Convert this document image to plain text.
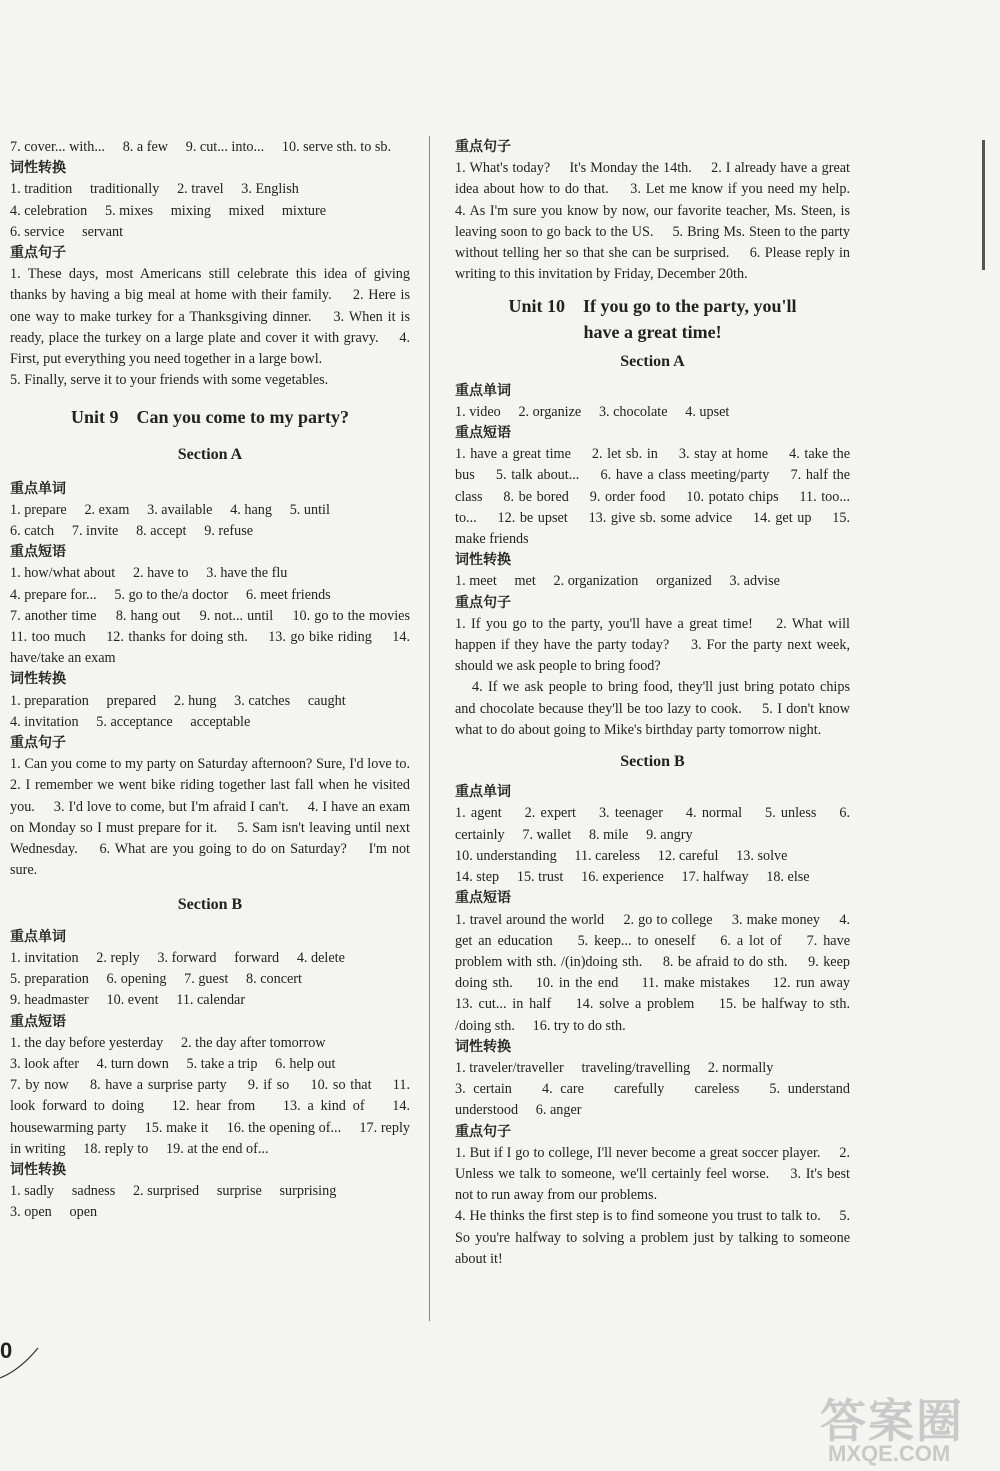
7. cover... with...　 8. a few　 9. cut... into...　 10. serve sth. to sb.

词性转换

1. tradition　 traditionally　 2. travel　 3. English

4. celebration　 5. mixes　 mixing　 mixed　 mixture

6. service　 servant

重点句子

1. These days, most Americans still celebrate this idea of giving thanks by having a big meal at home with their family.　 2. Here is one way to make turkey for a Thanksgiving dinner.　 3. When it is ready, place the turkey on a large plate and cover it with gravy.　 4. First, put everything you need together in a large bowl.

5. Finally, serve it to your friends with some vegetables.

Unit 9　Can you come to my party?

Section A

重点单词

1. prepare　 2. exam　 3. available　 4. hang　 5. until

6. catch　 7. invite　 8. accept　 9. refuse

重点短语

1. how/what about　 2. have to　 3. have the flu

4. prepare for...　 5. go to the/a doctor　 6. meet friends

7. another time　 8. hang out　 9. not... until　 10. go to the movies　 11. too much　 12. thanks for doing sth.　 13. go bike riding　 14. have/take an exam

词性转换

1. preparation　 prepared　 2. hung　 3. catches　 caught

4. invitation　 5. acceptance　 acceptable

重点句子

1. Can you come to my party on Saturday afternoon? Sure, I'd love to.　 2. I remember we went bike riding together last fall when he visited you.　 3. I'd love to come, but I'm afraid I can't.　 4. I have an exam on Monday so I must prepare for it.　 5. Sam isn't leaving until next Wednesday.　 6. What are you going to do on Saturday?　 I'm not sure.

Section B

重点单词

1. invitation　 2. reply　 3. forward　 forward　 4. delete

5. preparation　 6. opening　 7. guest　 8. concert

9. headmaster　 10. event　 11. calendar

重点短语

1. the day before yesterday　 2. the day after tomorrow

3. look after　 4. turn down　 5. take a trip　 6. help out

7. by now　 8. have a surprise party　 9. if so　 10. so that　 11. look forward to doing　 12. hear from　 13. a kind of　 14. housewarming party　 15. make it　 16. the opening of...　 17. reply in writing　 18. reply to　 19. at the end of...

词性转换

1. sadly　 sadness　 2. surprised　 surprise　 surprising

3. open　 open

重点句子

1. What's today?　 It's Monday the 14th.　 2. I already have a great idea about how to do that.　 3. Let me know if you need my help.　 4. As I'm sure you know by now, our favorite teacher, Ms. Steen, is leaving soon to go back to the US.　 5. Bring Ms. Steen to the party without telling her so that she can be surprised.　 6. Please reply in writing to this invitation by Friday, December 20th.

Unit 10　If you go to the party, you'll

have a great time!

Section A

重点单词

1. video　 2. organize　 3. chocolate　 4. upset

重点短语

1. have a great time　 2. let sb. in　 3. stay at home　 4. take the bus　 5. talk about...　 6. have a class meeting/party　 7. half the class　 8. be bored　 9. order food　 10. potato chips　 11. too... to...　 12. be upset　 13. give sb. some advice　 14. get up　 15. make friends

词性转换

1. meet　 met　 2. organization　 organized　 3. advise

重点句子

1. If you go to the party, you'll have a great time!　 2. What will happen if they have the party today?　 3. For the party next week, should we ask people to bring food?

4. If we ask people to bring food, they'll just bring potato chips and chocolate because they'll be too lazy to cook.　 5. I don't know what to do about going to Mike's birthday party tomorrow night.

Section B

重点单词

1. agent　 2. expert　 3. teenager　 4. normal　 5. unless　 6. certainly　 7. wallet　 8. mile　 9. angry

10. understanding　 11. careless　 12. careful　 13. solve

14. step　 15. trust　 16. experience　 17. halfway　 18. else

重点短语

1. travel around the world　 2. go to college　 3. make money　 4. get an education　 5. keep... to oneself　 6. a lot of　 7. have problem with sth. /(in)doing sth.　 8. be afraid to do sth.　 9. keep doing sth.　 10. in the end　 11. make mistakes　 12. run away　 13. cut... in half　 14. solve a problem　 15. be halfway to sth. /doing sth.　 16. try to do sth.

词性转换

1. traveler/traveller　 traveling/travelling　 2. normally

3. certain　 4. care　 carefully　 careless　 5. understand understood　 6. anger

重点句子

1. But if I go to college, I'll never become a great soccer player.　 2. Unless we talk to someone, we'll certainly feel worse.　 3. It's best not to run away from our problems.

4. He thinks the first step is to find someone you trust to talk to.　 5. So you're halfway to solving a problem just by talking to someone about it!

0
答案圈
MXQE.COM
